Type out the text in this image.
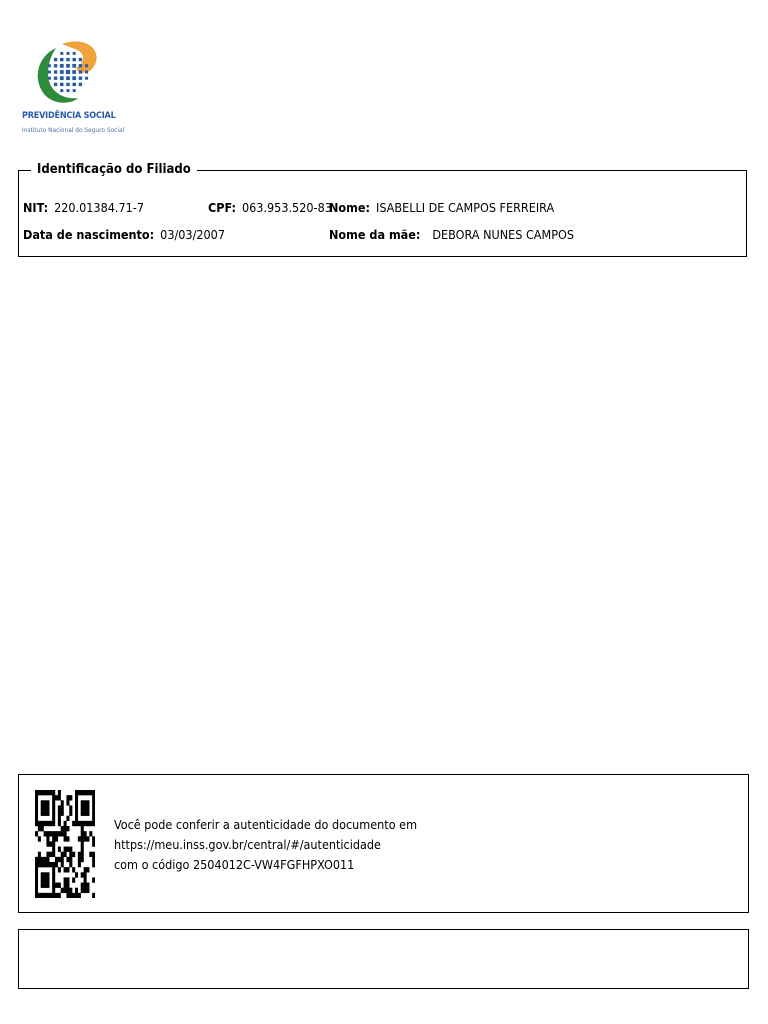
PREVIDÊNCIA SOCIAL
Instituto Nacional do Seguro Social
Identificação do Filiado
NIT: 220.01384.71-7	CPF: 063.953.520-83
Nome: ISABELLI DE CAMPOS FERREIRA
Data de nascimento: 03/03/2007	Nome da mãe: DEBORA NUNES CAMPOS
Você pode conferir a autenticidade do documento em
https://meu.inss.gov.br/central/#/autenticidade
com o código 2504012C-VW4FGFHPXO011
